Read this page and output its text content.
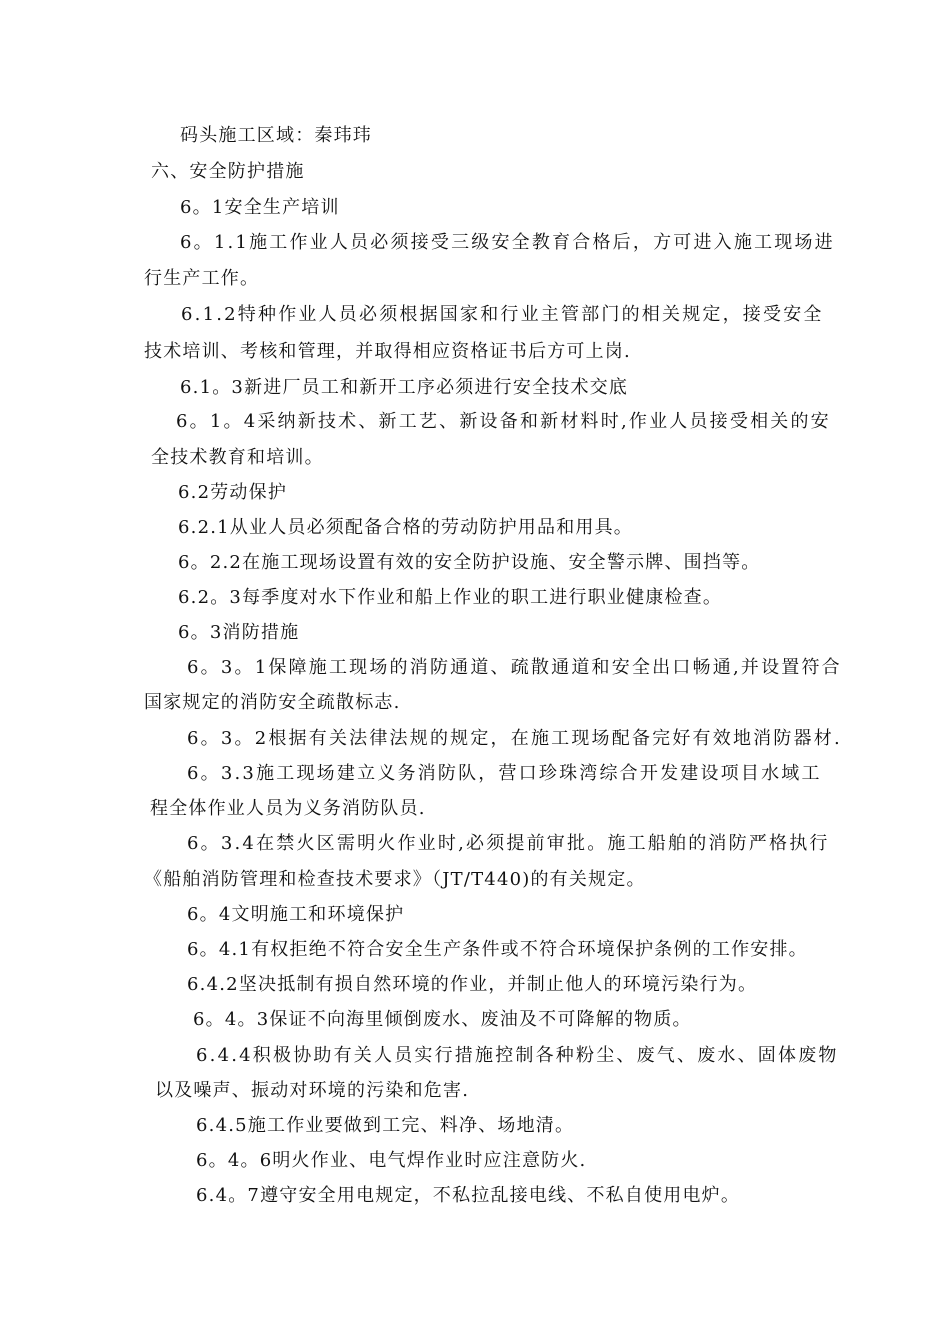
码头施工区域：秦玮玮
六、安全防护措施
6。1安全生产培训
6。1.1施工作业人员必须接受三级安全教育合格后，方可进入施工现场进
行生产工作。
6.1.2特种作业人员必须根据国家和行业主管部门的相关规定，接受安全
技术培训、考核和管理，并取得相应资格证书后方可上岗.
6.1。3新进厂员工和新开工序必须进行安全技术交底
6。1。4采纳新技术、新工艺、新设备和新材料时,作业人员接受相关的安
全技术教育和培训。
6.2劳动保护
6.2.1从业人员必须配备合格的劳动防护用品和用具。
6。2.2在施工现场设置有效的安全防护设施、安全警示牌、围挡等。
6.2。3每季度对水下作业和船上作业的职工进行职业健康检查。
6。3消防措施
6。3。1保障施工现场的消防通道、疏散通道和安全出口畅通,并设置符合
国家规定的消防安全疏散标志.
6。3。2根据有关法律法规的规定，在施工现场配备完好有效地消防器材.
6。3.3施工现场建立义务消防队，营口珍珠湾综合开发建设项目水域工
程全体作业人员为义务消防队员.
6。3.4在禁火区需明火作业时,必须提前审批。施工船舶的消防严格执行
《船舶消防管理和检查技术要求》（JT/T440)的有关规定。
6。4文明施工和环境保护
6。4.1有权拒绝不符合安全生产条件或不符合环境保护条例的工作安排。
6.4.2坚决抵制有损自然环境的作业，并制止他人的环境污染行为。
6。4。3保证不向海里倾倒废水、废油及不可降解的物质。
6.4.4积极协助有关人员实行措施控制各种粉尘、废气、废水、固体废物
以及噪声、振动对环境的污染和危害.
6.4.5施工作业要做到工完、料净、场地清。
6。4。6明火作业、电气焊作业时应注意防火.
6.4。7遵守安全用电规定，不私拉乱接电线、不私自使用电炉。
